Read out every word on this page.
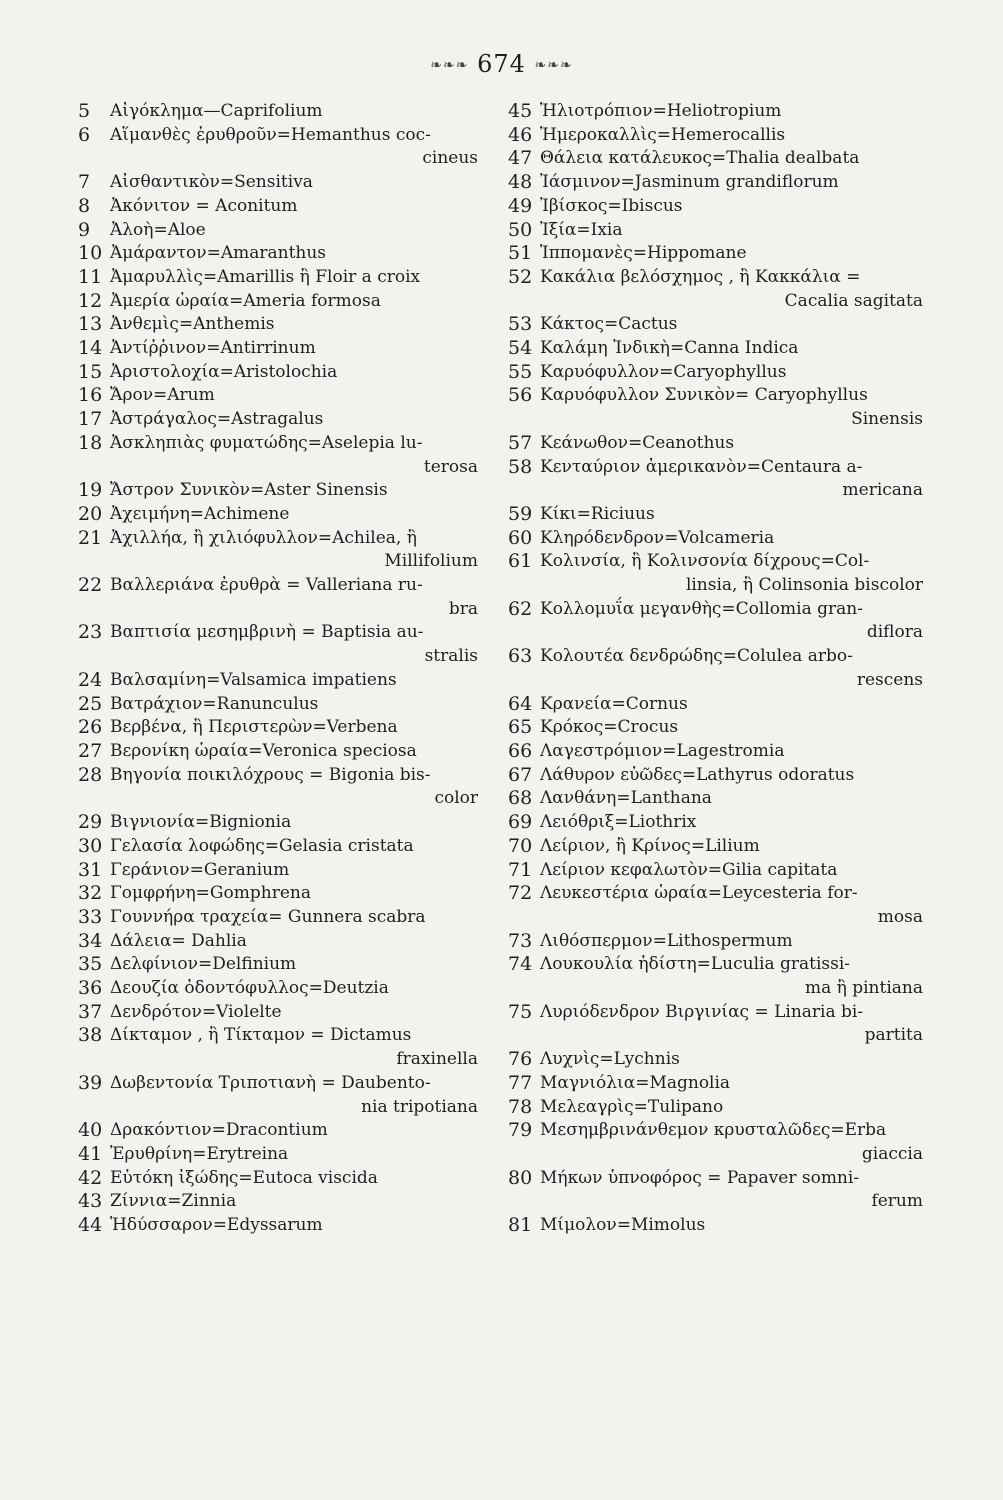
❧❧❧ 674 ❧❧❧
5 Αἰγόκλημα—Caprifolium
6 Αἵμανθὲς ἐρυθροῦν=Hemanthus coc-
cineus
7 Αἰσθαντικὸν=Sensitiva
8 Ἀκόνιτον = Aconitum
9 Ἀλοὴ=Aloe
10 Ἀμάραντον=Amaranthus
11 Ἀμαρυλλὶς=Amarillis ἢ Floir a croix
12 Ἀμερία ὡραία=Ameria formosa
13 Ἀνθεμὶς=Anthemis
14 Ἀντίῤῥινον=Antirrinum
15 Ἀριστολοχία=Aristolochia
16 Ἄρον=Arum
17 Ἀστράγαλος=Astragalus
18 Ἀσκληπιὰς φυματώδης=Aselepia lu-
terosa
19 Ἄστρον Συνικὸν=Aster Sinensis
20 Ἀχειμήνη=Achimene
21 Ἀχιλλήα, ἢ χιλιόφυλλον=Achilea, ἢ
Millifolium
22 Βαλλεριάνα ἐρυθρὰ = Valleriana ru-
bra
23 Βαπτισία μεσημβρινὴ = Baptisia au-
stralis
24 Βαλσαμίνη=Valsamica impatiens
25 Βατράχιον=Ranunculus
26 Βερβένα, ἢ Περιστερὼν=Verbena
27 Βερονίκη ὡραία=Veronica speciosa
28 Βηγονία ποικιλόχρους = Bigonia bis-
color
29 Βιγνιονία=Bignionia
30 Γελασία λοφώδης=Gelasia cristata
31 Γεράνιον=Geranium
32 Γομφρήνη=Gomphrena
33 Γουννήρα τραχεία= Gunnera scabra
34 Δάλεια= Dahlia
35 Δελφίνιον=Delfinium
36 Δεουζία ὀδοντόφυλλος=Deutzia
37 Δενδρότον=Violelte
38 Δίκταμον , ἢ Τίκταμον = Dictamus
fraxinella
39 Δωβεντονία Τριποτιανὴ = Daubento-
nia tripotiana
40 Δρακόντιον=Dracontium
41 Ἐρυθρίνη=Erytreina
42 Εὐτόκη ἰξώδης=Eutoca viscida
43 Ζίννια=Zinnia
44 Ἡδύσσαρον=Edyssarum
45 Ἡλιοτρόπιον=Heliotropium
46 Ἡμεροκαλλὶς=Hemerocallis
47 Θάλεια κατάλευκος=Thalia dealbata
48 Ἰάσμινον=Jasminum grandiflorum
49 Ἰβίσκος=Ibiscus
50 Ἰξία=Ixia
51 Ἱππομανὲς=Hippomane
52 Κακάλια βελόσχημος , ἢ Κακκάλια =
Cacalia sagitata
53 Κάκτος=Cactus
54 Καλάμη Ἰνδικὴ=Canna Indica
55 Καρυόφυλλον=Caryophyllus
56 Καρυόφυλλον Συνικὸν= Caryophyllus
Sinensis
57 Κεάνωθον=Ceanothus
58 Κενταύριον ἀμερικανὸν=Centaura a-
mericana
59 Κίκι=Riciuus
60 Κληρόδενδρον=Volcameria
61 Κολινσία, ἢ Κολινσονία δίχρους=Col-
linsia, ἢ Colinsonia biscolor
62 Κολλομυΐα μεγανθὴς=Collomia gran-
diflora
63 Κολουτέα δενδρώδης=Colulea arbo-
rescens
64 Κρανεία=Cornus
65 Κρόκος=Crocus
66 Λαγεστρόμιον=Lagestromia
67 Λάθυρον εὐῶδες=Lathyrus odoratus
68 Λανθάνη=Lanthana
69 Λειόθριξ=Liothrix
70 Λείριον, ἢ Κρίνος=Lilium
71 Λείριον κεφαλωτὸν=Gilia capitata
72 Λευκεστέρια ὡραία=Leycesteria for-
mosa
73 Λιθόσπερμον=Lithospermum
74 Λουκουλία ἡδίστη=Luculia gratissi-
ma ἢ pintiana
75 Λυριόδενδρον Βιργινίας = Linaria bi-
partita
76 Λυχνὶς=Lychnis
77 Μαγνιόλια=Magnolia
78 Μελεαγρὶς=Tulipano
79 Μεσημβρινάνθεμον κρυσταλῶδες=Erba
giaccia
80 Μήκων ὑπνοφόρος = Papaver somni-
ferum
81 Μίμολον=Mimolus
